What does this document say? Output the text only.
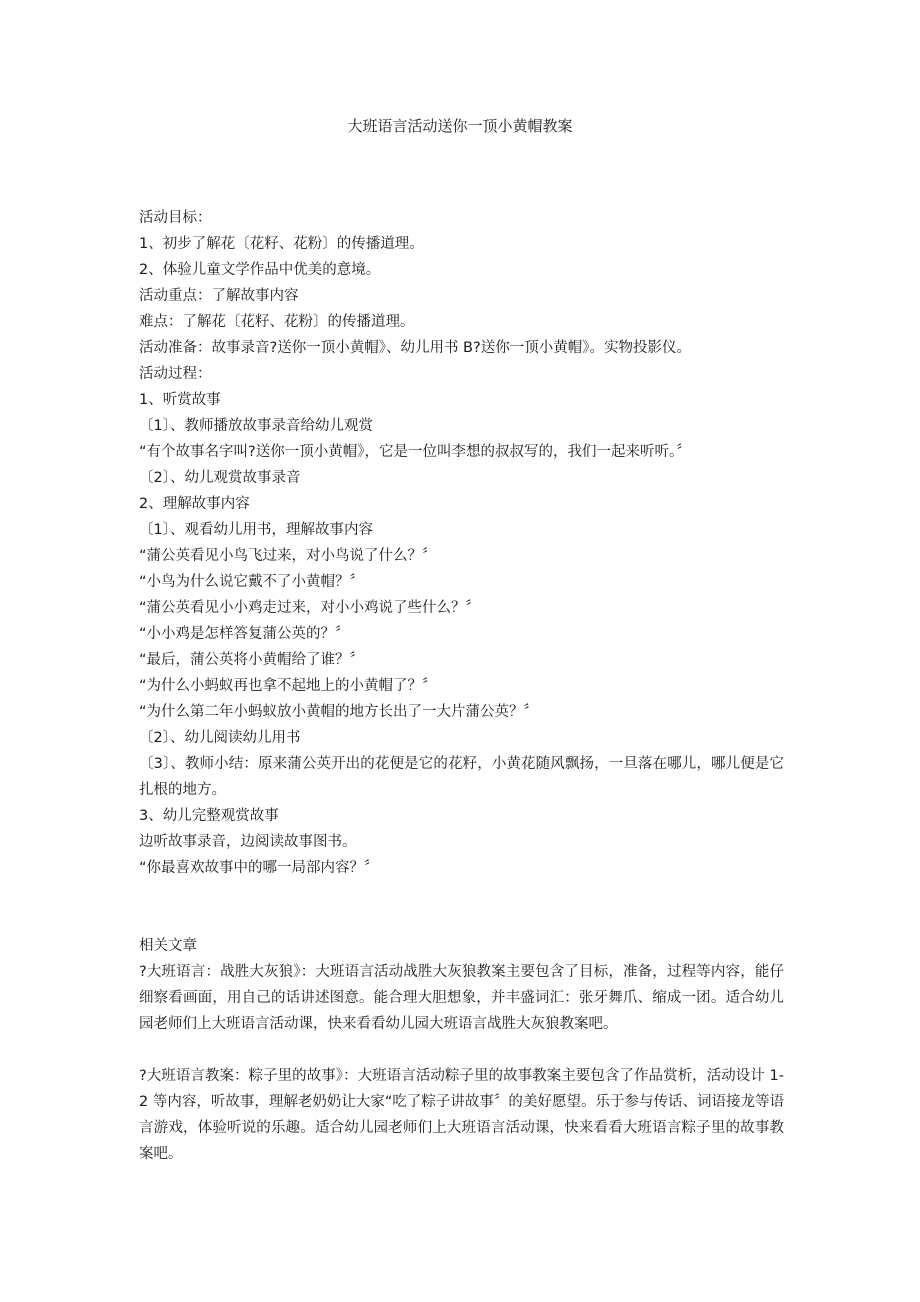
大班语言活动送你一顶小黄帽教案

活动目标：

1、初步了解花〔花籽、花粉〕的传播道理。

2、体验儿童文学作品中优美的意境。

活动重点：了解故事内容

难点：了解花〔花籽、花粉〕的传播道理。

活动准备：故事录音?送你一顶小黄帽》、幼儿用书 B?送你一顶小黄帽》。实物投影仪。

活动过程：

1、听赏故事

〔1〕、教师播放故事录音给幼儿观赏

“有个故事名字叫?送你一顶小黄帽》，它是一位叫李想的叔叔写的，我们一起来听听。〞

〔2〕、幼儿观赏故事录音

2、理解故事内容

〔1〕、观看幼儿用书，理解故事内容

“蒲公英看见小鸟飞过来，对小鸟说了什么？〞

“小鸟为什么说它戴不了小黄帽？〞

“蒲公英看见小小鸡走过来，对小小鸡说了些什么？〞

“小小鸡是怎样答复蒲公英的？〞

“最后，蒲公英将小黄帽给了谁？〞

“为什么小蚂蚁再也拿不起地上的小黄帽了？〞

“为什么第二年小蚂蚁放小黄帽的地方长出了一大片蒲公英？〞

〔2〕、幼儿阅读幼儿用书

〔3〕、教师小结：原来蒲公英开出的花便是它的花籽，小黄花随风飘扬，一旦落在哪儿，哪儿便是它扎根的地方。

3、幼儿完整观赏故事

边听故事录音，边阅读故事图书。

“你最喜欢故事中的哪一局部内容？〞

相关文章

?大班语言：战胜大灰狼》：大班语言活动战胜大灰狼教案主要包含了目标，准备，过程等内容，能仔细察看画面，用自己的话讲述图意。能合理大胆想象，并丰盛词汇：张牙舞爪、缩成一团。适合幼儿园老师们上大班语言活动课，快来看看幼儿园大班语言战胜大灰狼教案吧。

?大班语言教案：粽子里的故事》：大班语言活动粽子里的故事教案主要包含了作品赏析，活动设计 1-2 等内容，听故事，理解老奶奶让大家“吃了粽子讲故事〞的美好愿望。乐于参与传话、词语接龙等语言游戏，体验听说的乐趣。适合幼儿园老师们上大班语言活动课，快来看看大班语言粽子里的故事教案吧。
